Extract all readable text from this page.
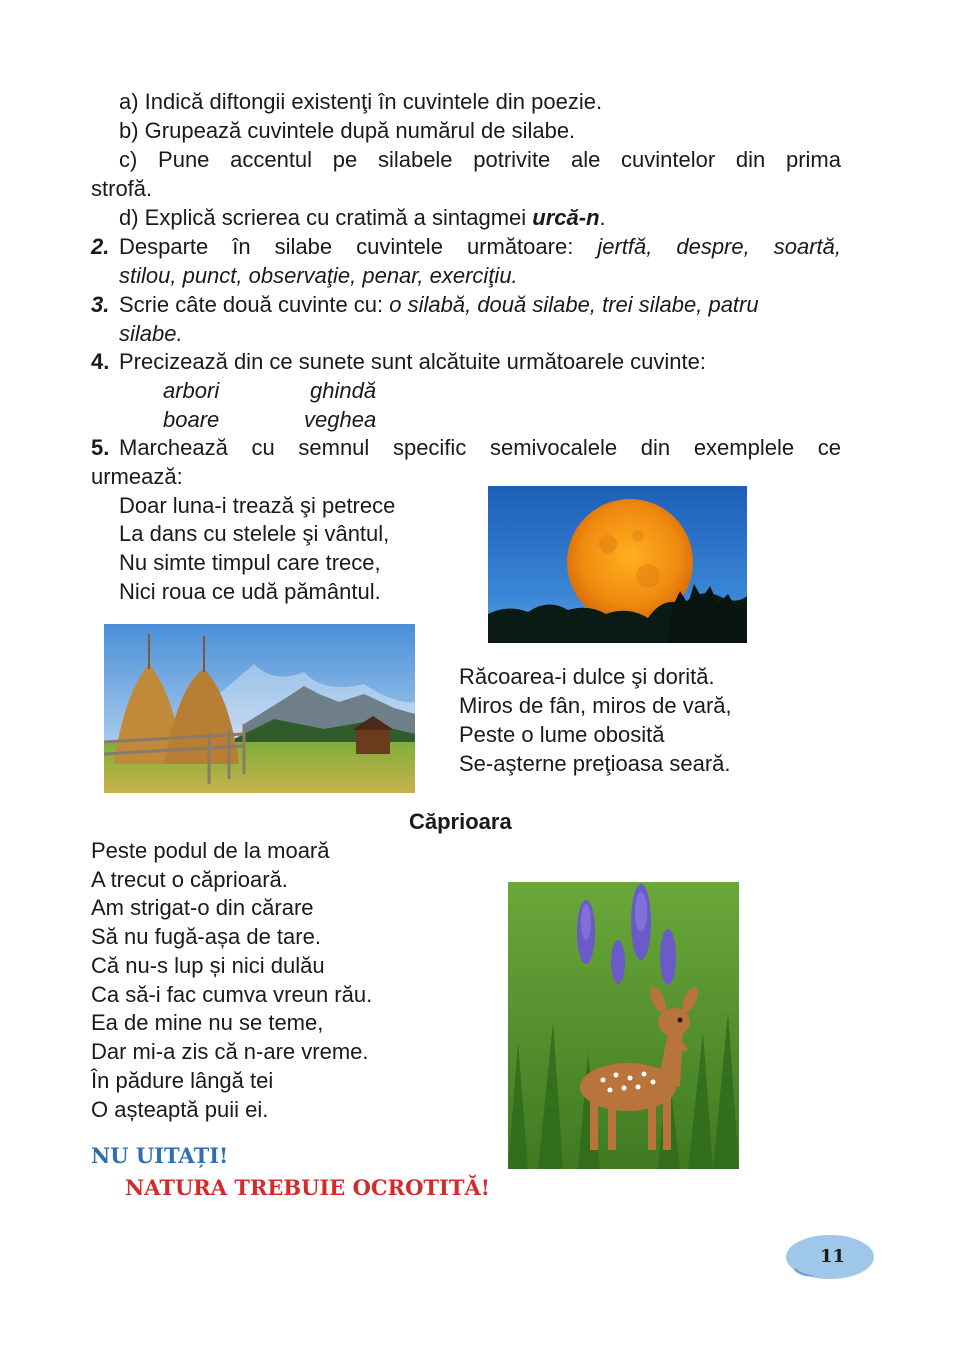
a) Indică diftongii existenţi în cuvintele din poezie.
b) Grupează cuvintele după numărul de silabe.
c) Pune accentul pe silabele potrivite ale cuvintelor din prima
strofă.
d) Explică scrierea cu cratimă a sintagmei urcă-n.
2. Desparte în silabe cuvintele următoare: jertfă, despre, soartă,
stilou, punct, observaţie, penar, exerciţiu.
3. Scrie câte două cuvinte cu: o silabă, două silabe, trei silabe, patru
silabe.
4. Precizează din ce sunete sunt alcătuite următoarele cuvinte:
arbori	ghindă
boare	veghea
5. Marchează cu semnul specific semivocalele din exemplele ce
urmează:
Doar luna-i trează şi petrece
La dans cu stelele şi vântul,
Nu simte timpul care trece,
Nici roua ce udă pământul.
Răcoarea-i dulce şi dorită.
Miros de fân, miros de vară,
Peste o lume obosită
Se-aşterne preţioasa seară.
Căprioara
Peste podul de la moară
A trecut o căprioară.
Am strigat-o din cărare
Să nu fugă-așa de tare.
Că nu-s lup și nici dulău
Ca să-i fac cumva vreun rău.
Ea de mine nu se teme,
Dar mi-a zis că n-are vreme.
În pădure lângă tei
O așteaptă puii ei.
NU UITAȚI!
NATURA TREBUIE OCROTITĂ!
11
